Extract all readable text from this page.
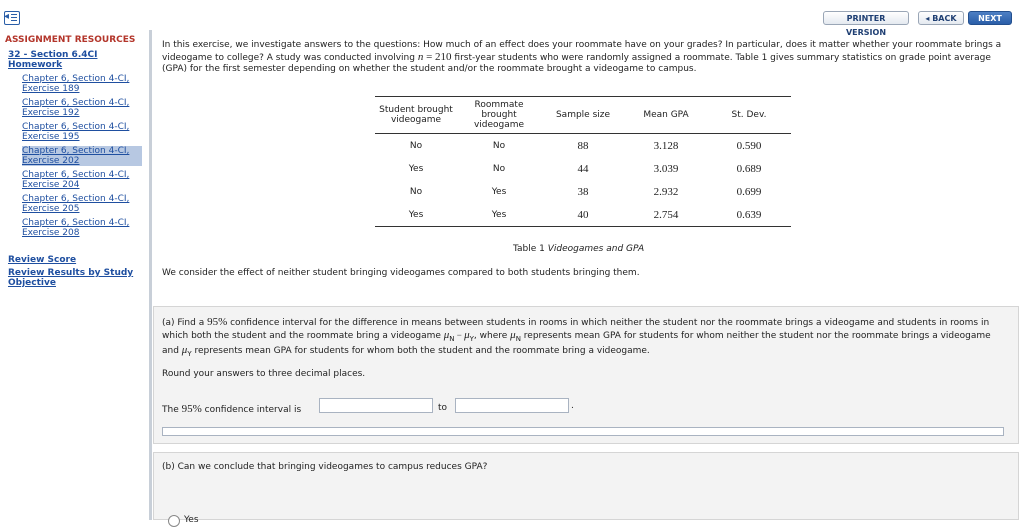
◂	PRINTER VERSION
◂ BACK	NEXT ▸
ASSIGNMENT RESOURCES
32 - Section 6.4CI Homework
Chapter 6, Section 4-CI, Exercise 189
Chapter 6, Section 4-CI, Exercise 192
Chapter 6, Section 4-CI, Exercise 195
Chapter 6, Section 4-CI, Exercise 202
Chapter 6, Section 4-CI, Exercise 204
Chapter 6, Section 4-CI, Exercise 205
Chapter 6, Section 4-CI, Exercise 208
Review Score
Review Results by Study Objective
In this exercise, we investigate answers to the questions: How much of an effect does your roommate have on your grades? In particular, does it matter whether your roommate brings a videogame to college? A study was conducted involving n = 210 first-year students who were randomly assigned a roommate. Table 1 gives summary statistics on grade point average (GPA) for the first semester depending on whether the student and/or the roommate brought a videogame to campus.
Student brought videogame	Roommate brought videogame	Sample size	Mean GPA	St. Dev.
No	No	88	3.128	0.590
Yes	No	44	3.039	0.689
No	Yes	38	2.932	0.699
Yes	Yes	40	2.754	0.639
Table 1 Videogames and GPA
We consider the effect of neither student bringing videogames compared to both students bringing them.
(a) Find a 95% confidence interval for the difference in means between students in rooms in which neither the student nor the roommate brings a videogame and students in rooms in which both the student and the roommate bring a videogame $\mu_N - \mu_Y$, where $\mu_N$ represents mean GPA for students for whom neither the student nor the roommate brings a videogame and $\mu_Y$ represents mean GPA for students for whom both the student and the roommate bring a videogame.
Round your answers to three decimal places.
The 95% confidence interval is	to	.
(b) Can we conclude that bringing videogames to campus reduces GPA?
Yes
